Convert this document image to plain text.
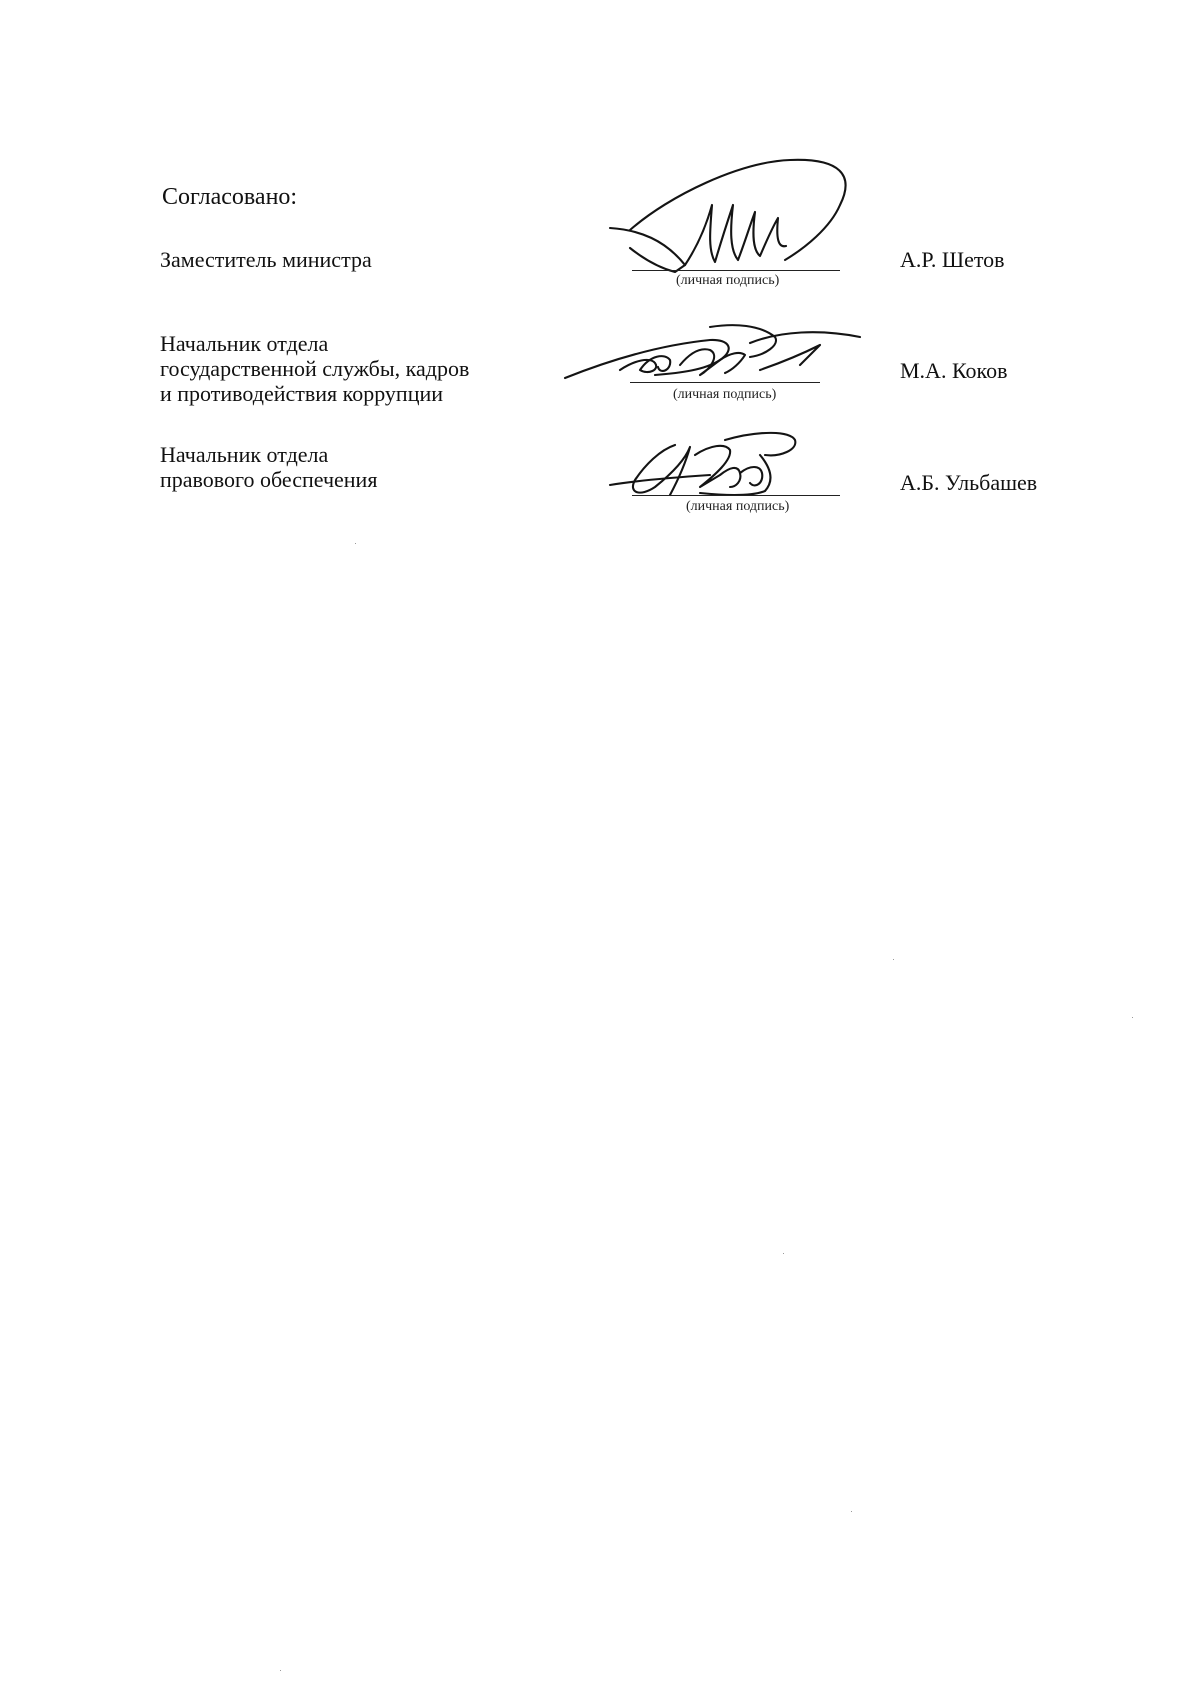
Согласовано:
Заместитель министра
(личная подпись)
А.Р. Шетов
Начальник отдела
государственной службы, кадров
и противодействия коррупции	(личная подпись)
М.А. Коков
Начальник отдела
правового обеспечения
(личная подпись)
А.Б. Ульбашев
